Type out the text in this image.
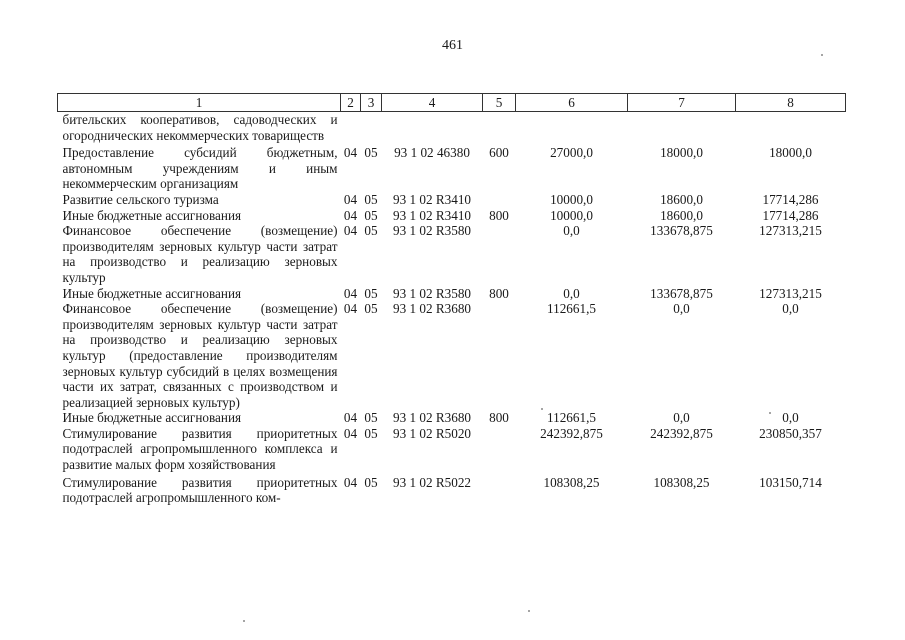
461
1	2	3	4	5	6	7	8
бительских кооперативов, садоводческих и огороднических некоммерческих товариществ							
Предоставление субсидий бюджетным, автономным учреждениям и иным некоммерческим организациям	04	05	93 1 02 46380	600	27000,0	18000,0	18000,0
Развитие сельского туризма	04	05	93 1 02 R3410		10000,0	18600,0	17714,286
Иные бюджетные ассигнования	04	05	93 1 02 R3410	800	10000,0	18600,0	17714,286
Финансовое обеспечение (возмещение) производителям зерновых культур части затрат на производство и реализацию зерновых культур	04	05	93 1 02 R3580		0,0	133678,875	127313,215
Иные бюджетные ассигнования	04	05	93 1 02 R3580	800	0,0	133678,875	127313,215
Финансовое обеспечение (возмещение) производителям зерновых культур части затрат на производство и реализацию зерновых культур (предоставление производителям зерновых культур субсидий в целях возмещения части их затрат, связанных с производством и реализацией зерновых культур)	04	05	93 1 02 R3680		112661,5	0,0	0,0
Иные бюджетные ассигнования	04	05	93 1 02 R3680	800	112661,5	0,0	0,0
Стимулирование развития приоритетных подотраслей агропромышленного комплекса и развитие малых форм хозяйствования	04	05	93 1 02 R5020		242392,875	242392,875	230850,357
Стимулирование развития приоритетных подотраслей агропромышленного ком-	04	05	93 1 02 R5022		108308,25	108308,25	103150,714
